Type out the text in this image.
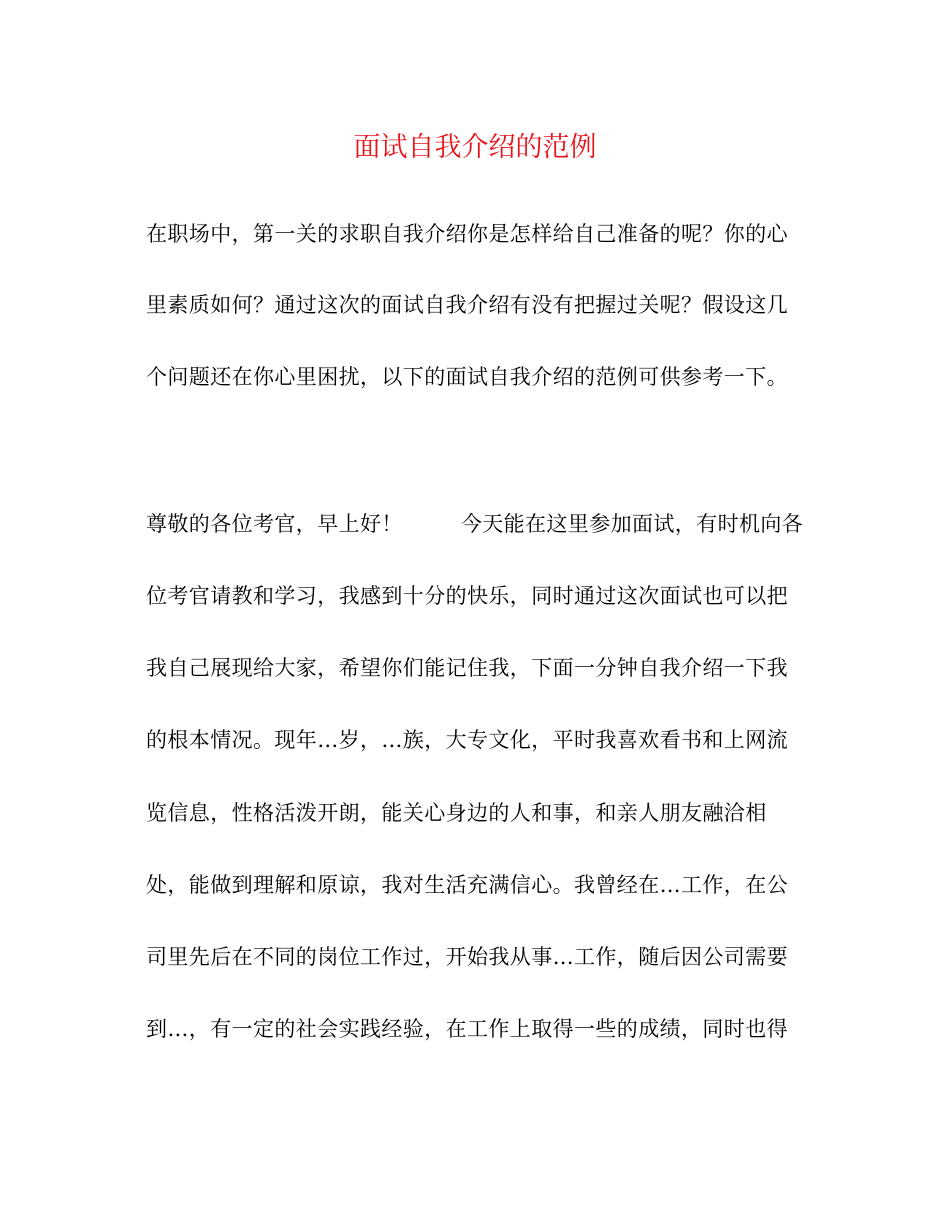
面试自我介绍的范例
在职场中，第一关的求职自我介绍你是怎样给自己准备的呢？你的心
里素质如何？通过这次的面试自我介绍有没有把握过关呢？假设这几
个问题还在你心里困扰，以下的面试自我介绍的范例可供参考一下。
尊敬的各位考官，早上好！	今天能在这里参加面试，有时机向各
位考官请教和学习，我感到十分的快乐，同时通过这次面试也可以把
我自己展现给大家，希望你们能记住我，下面一分钟自我介绍一下我
的根本情况。现年…岁，…族，大专文化，平时我喜欢看书和上网流
览信息，性格活泼开朗，能关心身边的人和事，和亲人朋友融洽相
处，能做到理解和原谅，我对生活充满信心。我曾经在…工作，在公
司里先后在不同的岗位工作过，开始我从事…工作，随后因公司需要
到…，有一定的社会实践经验，在工作上取得一些的成绩，同时也得
